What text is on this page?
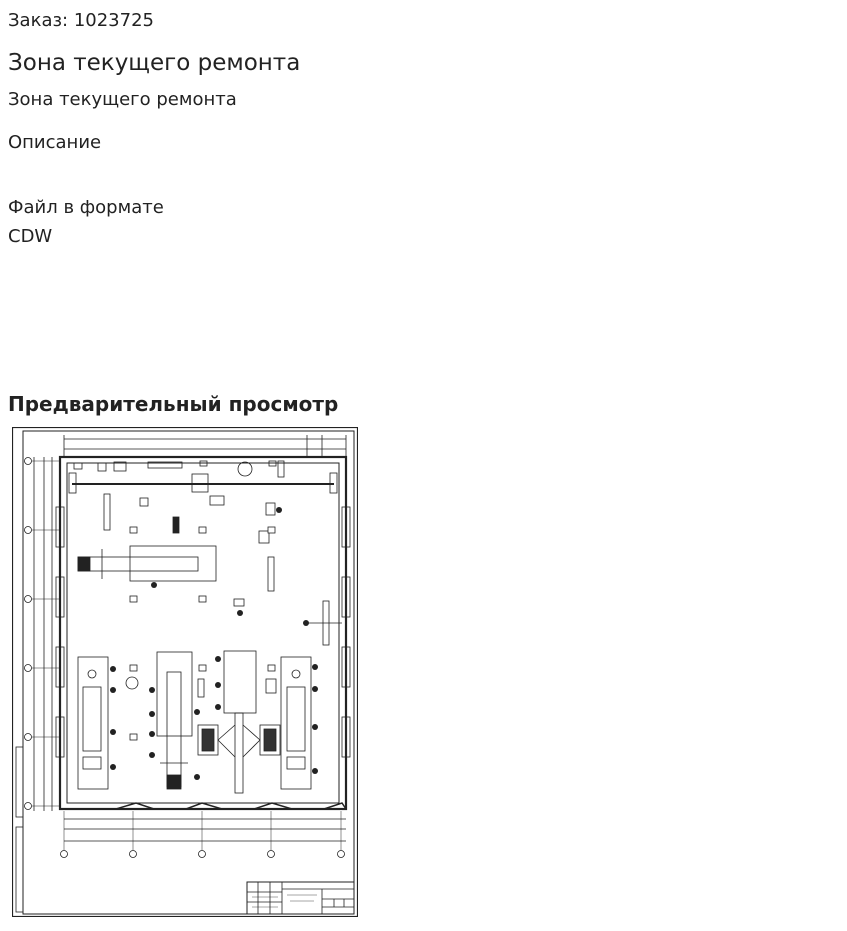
Заказ: 1023725
Зона текущего ремонта
Зона текущего ремонта
Описание
Файл в формате CDW
Предварительный просмотр
